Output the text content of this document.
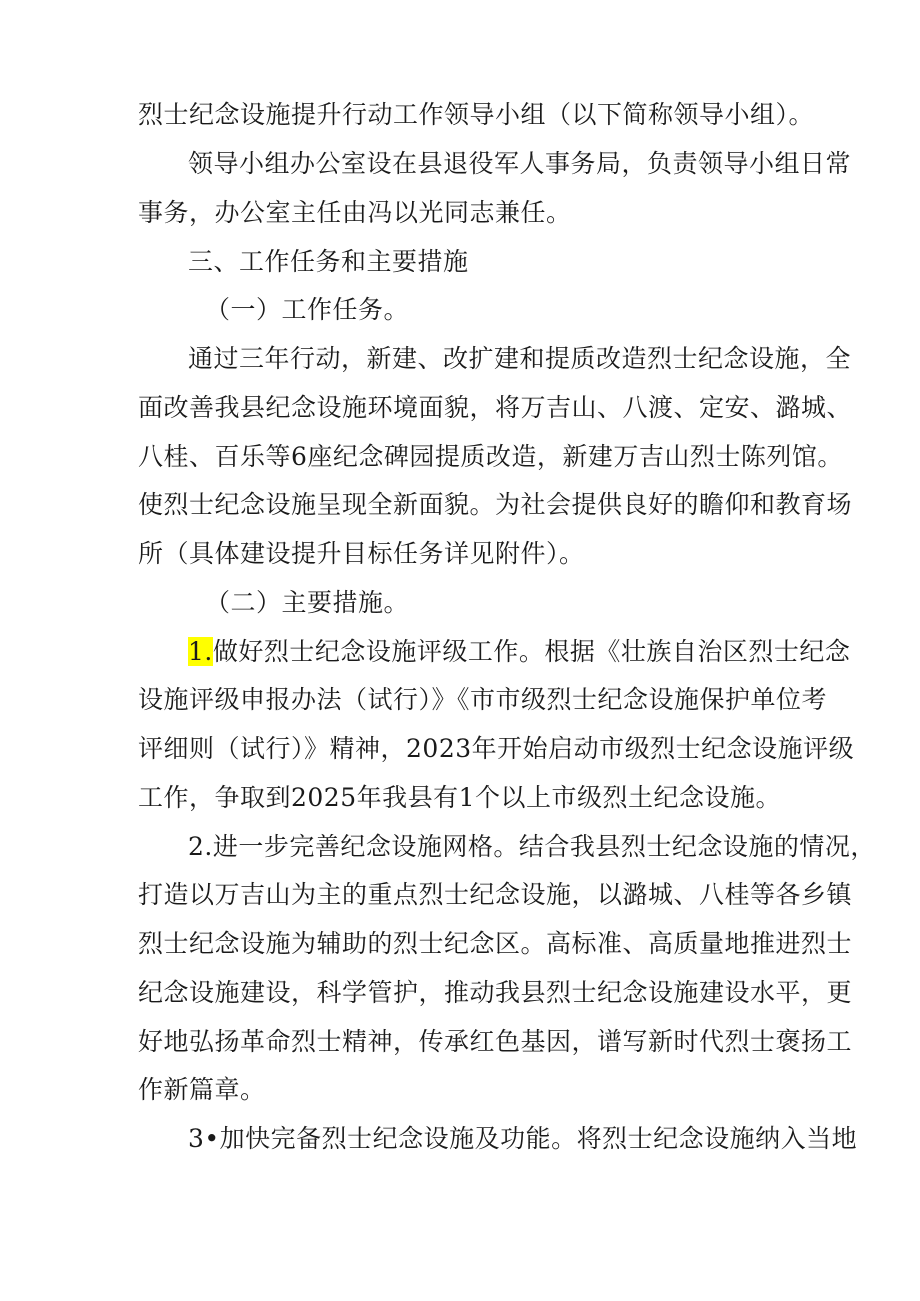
烈士纪念设施提升行动工作领导小组（以下简称领导小组）。
领导小组办公室设在县退役军人事务局，负责领导小组日常
事务，办公室主任由冯以光同志兼任。
三、工作任务和主要措施
（一）工作任务。
通过三年行动，新建、改扩建和提质改造烈士纪念设施，全
面改善我县纪念设施环境面貌，将万吉山、八渡、定安、潞城、
八桂、百乐等6座纪念碑园提质改造，新建万吉山烈士陈列馆。
使烈士纪念设施呈现全新面貌。为社会提供良好的瞻仰和教育场
所（具体建设提升目标任务详见附件）。
（二）主要措施。
1.做好烈士纪念设施评级工作。根据《壮族自治区烈士纪念
设施评级申报办法（试行）》《市市级烈士纪念设施保护单位考
评细则（试行）》精神，2023年开始启动市级烈士纪念设施评级
工作，争取到2025年我县有1个以上市级烈土纪念设施。
2.进一步完善纪念设施网格。结合我县烈士纪念设施的情况，
打造以万吉山为主的重点烈士纪念设施，以潞城、八桂等各乡镇
烈士纪念设施为辅助的烈士纪念区。高标准、高质量地推进烈士
纪念设施建设，科学管护，推动我县烈士纪念设施建设水平，更
好地弘扬革命烈士精神，传承红色基因，谱写新时代烈士褒扬工
作新篇章。
3•加快完备烈士纪念设施及功能。将烈士纪念设施纳入当地
